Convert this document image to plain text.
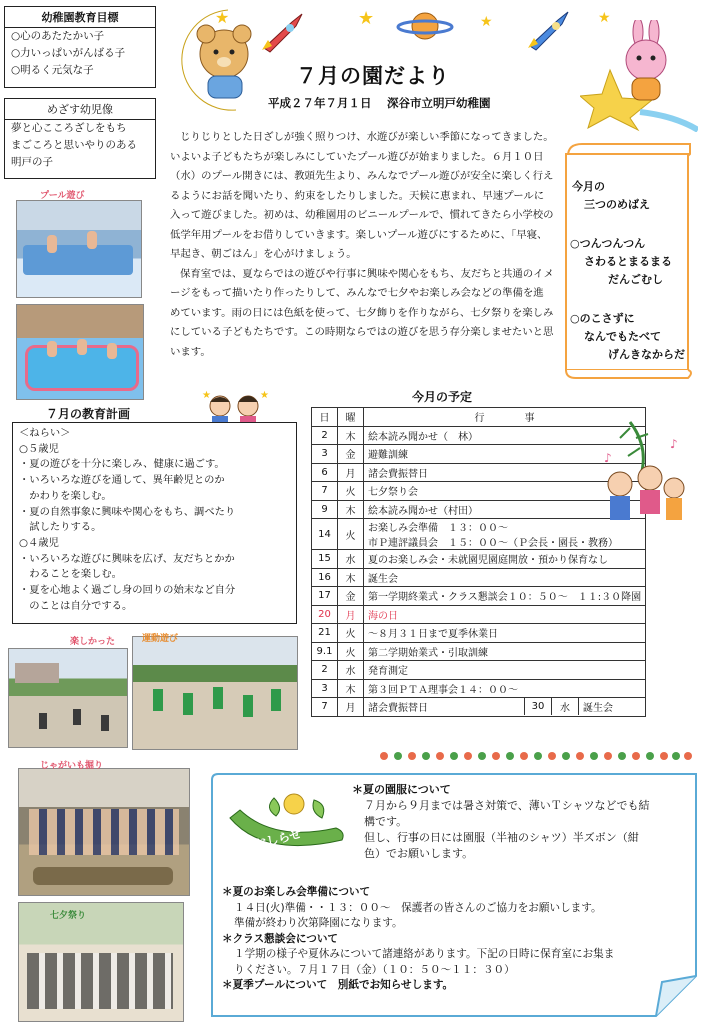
幼稚園教育目標
○心のあたたかい子
○力いっぱいがんばる子
○明るく元気な子
めざす幼児像
夢と心こころざしをもち
まごころと思いやりのある
明戸の子
★	★	★	★
７月の園だより
平成２７年７月１日　 深谷市立明戸幼稚園
プール遊び

じりじりとした日ざしが強く照りつけ、水遊びが楽しい季節になってきました。いよいよ子どもたちが楽しみにしていたプール遊びが始まりました。６月１０日（水）のプール開きには、教頭先生より、みんなでプール遊びが安全に楽しく行えるようにお話を聞いたり、約束をしたりしました。天候に恵まれ、早速プールに入って遊びました。初めは、幼稚園用のビニールプールで、慣れてきたら小学校の低学年用プールをお借りしていきます。楽しいプール遊びにするために、「早寝、早起き、朝ごはん」を心がけましょう。

保育室では、夏ならではの遊びや行事に興味や関心をもち、友だちと共通のイメージをもって描いたり作ったりして、みんなで七夕やお楽しみ会などの準備を進めています。雨の日には色紙を使って、七夕飾りを作りながら、七夕祭りを楽しみにしている子どもたちです。この時期ならではの遊びを思う存分楽しませたいと思います。

今月の
三つのめばえ
○つんつんつん
さわるとまるまる
だんごむし
○のこさずに
なんでもたべて
げんきなからだ
★	★
７月の教育計画
＜ねらい＞
○５歳児
・夏の遊びを十分に楽しみ、健康に過ごす。
・いろいろな遊びを通して、異年齢児とのか
　かわりを楽しむ。
・夏の自然事象に興味や関心をもち、調べたり
　試したりする。
○４歳児
・いろいろな遊びに興味を広げ、友だちとかか
　わることを楽しむ。
・夏を心地よく過ごし身の回りの始末など自分
　のことは自分でする。
今月の予定
日	曜	行　　　　事
2	木	絵本読み聞かせ（　林）

3	金	避難訓練

6	月	諸会費振替日

7	火	七夕祭り会

9	木	絵本読み聞かせ（村田）

14	火	
お楽しみ会準備　１３：００〜
市Ｐ連評議員会　１５：００〜（Ｐ会長・園長・教務）

15	水	夏のお楽しみ会・未就園児園庭開放・預かり保育なし

16	木	誕生会

17	金	第一学期終業式・クラス懇談会１０：５０〜　１１:３０降園

20	月	海の日

21	火	〜８月３１日まで夏季休業日

9.1	火	第二学期始業式・引取訓練

2	水	発育測定

3	木	第３回ＰＴＡ理事会１４：００〜

7	月	諸会費振替日	30	水	誕生会
♪
♪
楽しかった	運動遊び
じゃがいも掘り
七夕祭り
おしらせ
＊夏の園服について
７月から９月までは暑さ対策で、薄いＴシャツなどでも結
構です。
但し、行事の日には園服（半袖のシャツ）半ズボン（紺
色）でお願いします。
＊夏のお楽しみ会準備について
１４日(火)準備・・１３：００〜　保護者の皆さんのご協力をお願いします。
準備が終わり次第降園になります。
＊クラス懇談会について
１学期の様子や夏休みについて諸連絡があります。下記の日時に保育室にお集ま
りください。７月１７日（金）（１０：５０〜１１：３０）
＊夏季プールについて　別紙でお知らせします。
